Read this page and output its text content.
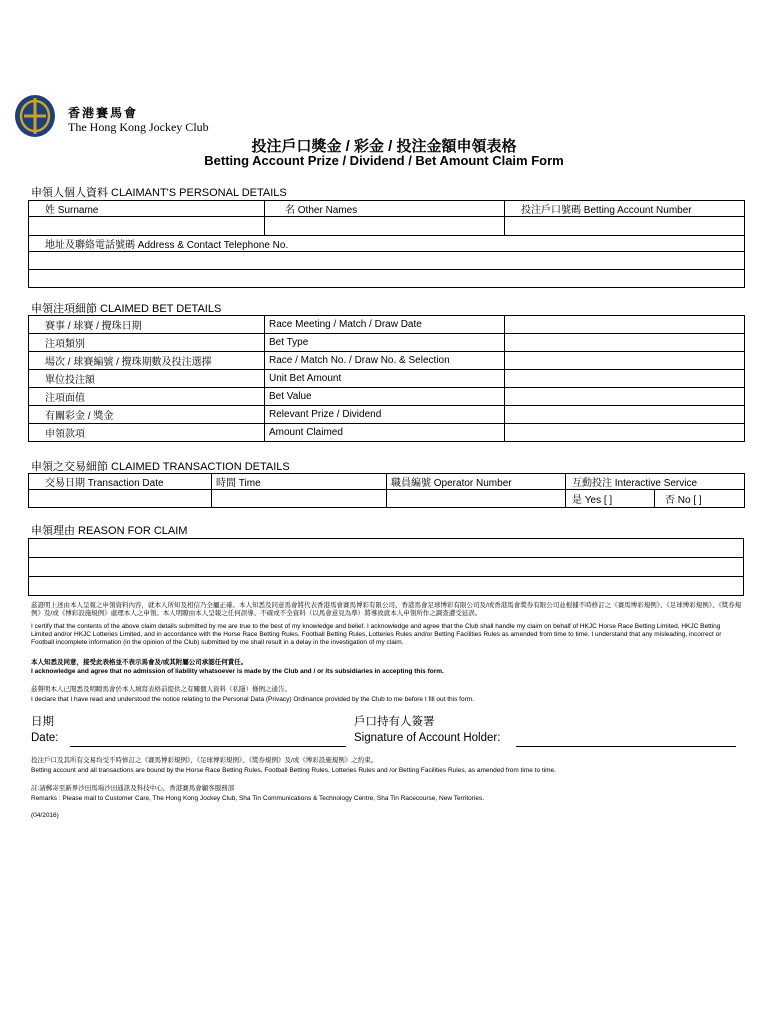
香港賽馬會
The Hong Kong Jockey Club
投注戶口獎金 / 彩金 / 投注金額申領表格
Betting Account Prize / Dividend / Bet Amount Claim Form
申領人個人資料 CLAIMANT'S PERSONAL DETAILS
姓 Surname	名 Other Names	投注戶口號碼 Betting Account Number

地址及聯絡電話號碼 Address & Contact Telephone No.		

申領注項細節 CLAIMED BET DETAILS
賽事 / 球賽 / 攪珠日期	Race Meeting / Match / Draw Date	
注項類別	Bet Type	
場次 / 球賽編號 / 攪珠期數及投注選擇	Race / Match No. / Draw No. & Selection	
單位投注額	Unit Bet Amount	
注項面值	Bet Value	
有關彩金 / 獎金	Relevant Prize / Dividend	
申領款項	Amount Claimed	
申領之交易細節 CLAIMED TRANSACTION DETAILS
交易日期 Transaction Date	時間 Time	職員編號 Operator Number	互動投注 Interactive Service	
			是 Yes [ ]	否 No [ ]
申領理由 REASON FOR CLAIM

茲證明上述由本人呈報之申領資料內容，就本人所知及相信乃全屬正確。本人知悉及同意馬會將代表香港馬會賽馬博彩有限公司、香港馬會足球博彩有限公司及/或香港馬會獎券有限公司並根據不時修訂之《賽馬博彩規例》、《足球博彩規例》、《獎券規例》及/或《博彩設施規例》處理本人之申領。本人明瞭由本人呈報之任何誤導、不確或不全資料（以馬會意見為準）將導致就本人申領所作之調查遭受延誤。
I certify that the contents of the above claim details submitted by me are true to the best of my knowledge and belief. I acknowledge and agree that the Club shall handle my claim on behalf of HKJC Horse Race Betting Limited, HKJC Betting Limited and/or HKJC Lotteries Limited, and in accordance with the Horse Race Betting Rules, Football Betting Rules, Lotteries Rules and/or Betting Facilities Rules as amended from time to time. I understand that any misleading, incorrect or Football incomplete information (in the opinion of the Club) submitted by me shall result in a delay in the investigation of my claim.
本人知悉及同意，接受此表格並不表示馬會及/或其附屬公司承認任何責任。
I acknowledge and agree that no admission of liability whatsoever is made by the Club and / or its subsidiaries in accepting this form.
茲聲明本人已閱悉及明瞭馬會於本人填寫表格前提供之有關個人資料（私隱）條例之通告。
I declare that I have read and understood the notice relating to the Personal Data (Privacy) Ordinance provided by the Club to me before I fill out this form.
日期
Date:
戶口持有人簽署
Signature of Account Holder:
投注戶口及其所有交易均受不時修訂之《賽馬博彩規例》、《足球博彩規例》、《獎券規例》及/或《博彩設施規例》之約束。
Betting account and all transactions are bound by the Horse Race Betting Rules, Football Betting Rules, Lotteries Rules and /or Betting Facilities Rules, as amended from time to time.
註:請郵寄至新界沙田馬場沙田通訊及科技中心，香港賽馬會顧客服務部
Remarks : Please mail to Customer Care, The Hong Kong Jockey Club, Sha Tin Communications & Technology Centre, Sha Tin Racecourse, New Territories.
(04/2016)
